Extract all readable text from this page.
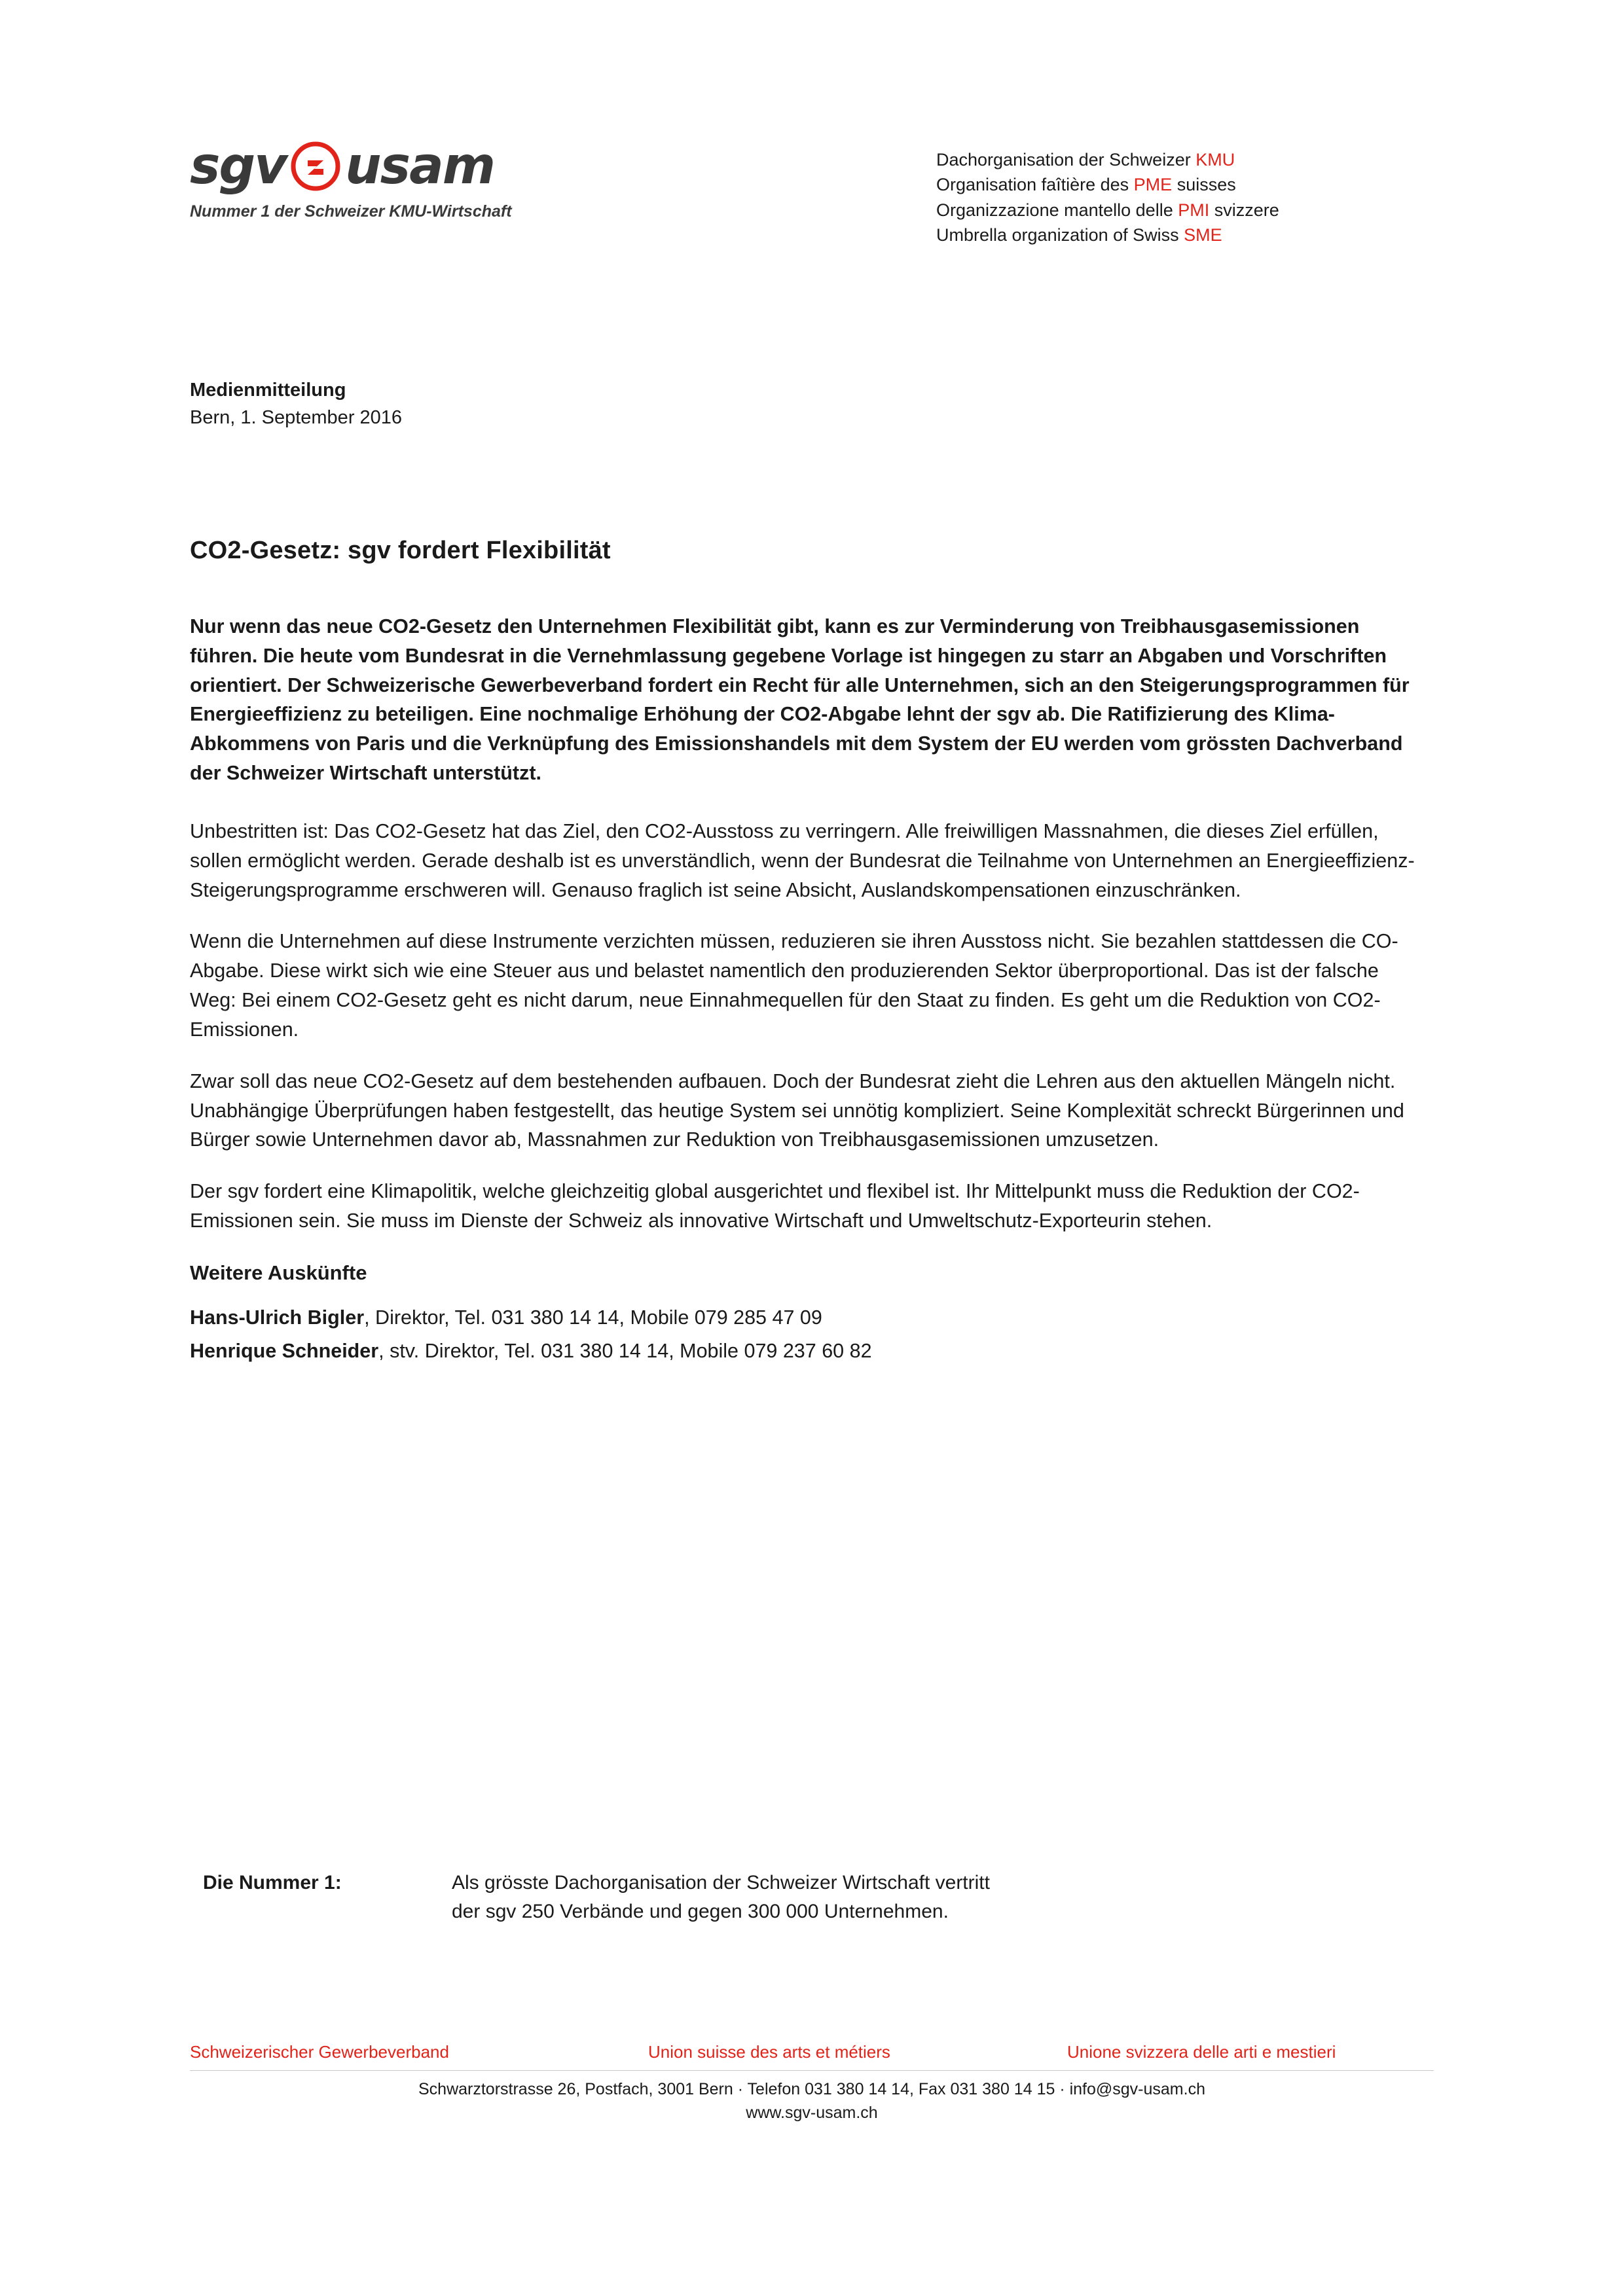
sgv usam
Nummer 1 der Schweizer KMU-Wirtschaft
Dachorganisation der Schweizer KMU
Organisation faîtière des PME suisses
Organizzazione mantello delle PMI svizzere
Umbrella organization of Swiss SME
Medienmitteilung
Bern, 1. September 2016
CO2-Gesetz: sgv fordert Flexibilität

Nur wenn das neue CO2-Gesetz den Unternehmen Flexibilität gibt, kann es zur Verminderung von Treibhausgasemissionen führen. Die heute vom Bundesrat in die Vernehmlassung gegebene Vorlage ist hingegen zu starr an Abgaben und Vorschriften orientiert. Der Schweizerische Gewerbeverband fordert ein Recht für alle Unternehmen, sich an den Steigerungsprogrammen für Energieeffizienz zu beteiligen. Eine nochmalige Erhöhung der CO2-Abgabe lehnt der sgv ab. Die Ratifizierung des Klima-Abkommens von Paris und die Verknüpfung des Emissionshandels mit dem System der EU werden vom grössten Dachverband der Schweizer Wirtschaft unterstützt.

Unbestritten ist: Das CO2-Gesetz hat das Ziel, den CO2-Ausstoss zu verringern. Alle freiwilligen Massnahmen, die dieses Ziel erfüllen, sollen ermöglicht werden. Gerade deshalb ist es unverständlich, wenn der Bundesrat die Teilnahme von Unternehmen an Energieeffizienz-Steigerungsprogramme erschweren will. Genauso fraglich ist seine Absicht, Auslandskompensationen einzuschränken.

Wenn die Unternehmen auf diese Instrumente verzichten müssen, reduzieren sie ihren Ausstoss nicht. Sie bezahlen stattdessen die CO-Abgabe. Diese wirkt sich wie eine Steuer aus und belastet namentlich den produzierenden Sektor überproportional. Das ist der falsche Weg: Bei einem CO2-Gesetz geht es nicht darum, neue Einnahmequellen für den Staat zu finden. Es geht um die Reduktion von CO2-Emissionen.

Zwar soll das neue CO2-Gesetz auf dem bestehenden aufbauen. Doch der Bundesrat zieht die Lehren aus den aktuellen Mängeln nicht. Unabhängige Überprüfungen haben festgestellt, das heutige System sei unnötig kompliziert. Seine Komplexität schreckt Bürgerinnen und Bürger sowie Unternehmen davor ab, Massnahmen zur Reduktion von Treibhausgasemissionen umzusetzen.

Der sgv fordert eine Klimapolitik, welche gleichzeitig global ausgerichtet und flexibel ist. Ihr Mittelpunkt muss die Reduktion der CO2-Emissionen sein. Sie muss im Dienste der Schweiz als innovative Wirtschaft und Umweltschutz-Exporteurin stehen.

Weitere Auskünfte
Hans-Ulrich Bigler, Direktor, Tel. 031 380 14 14, Mobile 079 285 47 09
Henrique Schneider, stv. Direktor, Tel. 031 380 14 14, Mobile 079 237 60 82
Die Nummer 1:	Als grösste Dachorganisation der Schweizer Wirtschaft vertritt
der sgv 250 Verbände und gegen 300 000 Unternehmen.
Schweizerischer Gewerbeverband	Union suisse des arts et métiers	Unione svizzera delle arti e mestieri
Schwarztorstrasse 26, Postfach, 3001 Bern · Telefon 031 380 14 14, Fax 031 380 14 15 · info@sgv-usam.ch
www.sgv-usam.ch
